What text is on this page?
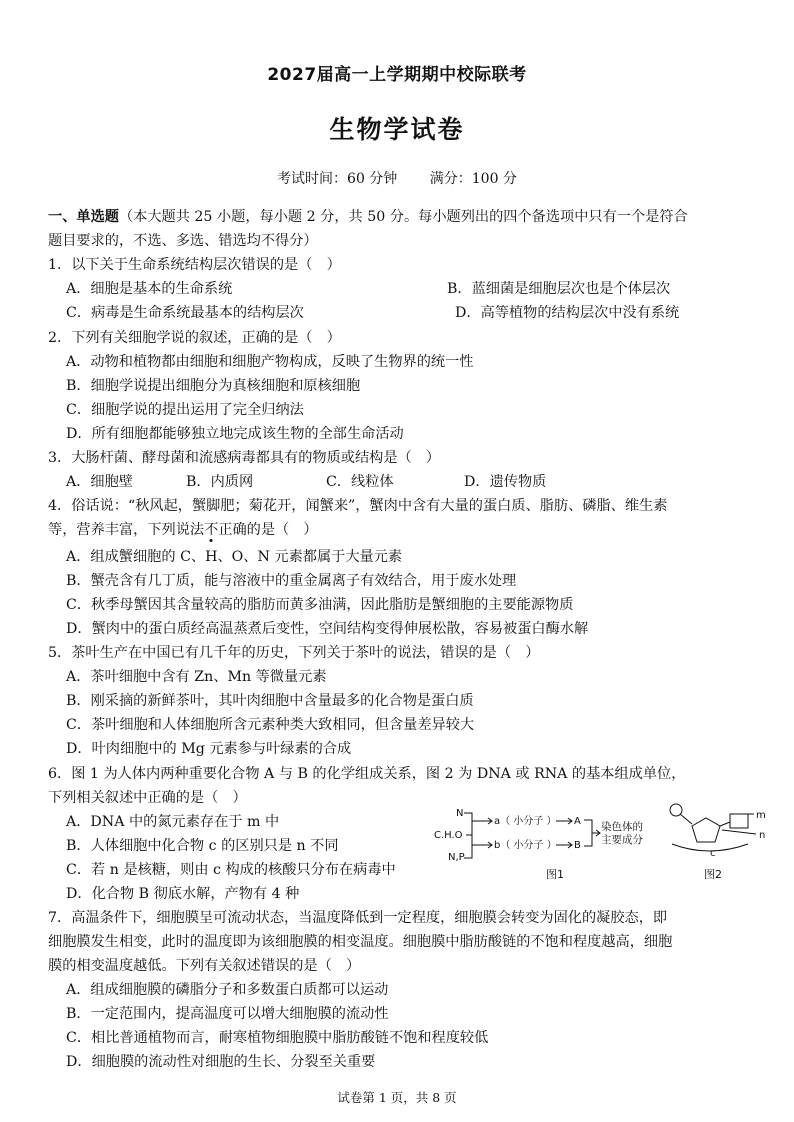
2027届高一上学期期中校际联考
生物学试卷
考试时间：60 分钟 满分：100 分
一、单选题（本大题共 25 小题，每小题 2 分，共 50 分。每小题列出的四个备选项中只有一个是符合
题目要求的，不选、多选、错选均不得分）
1．以下关于生命系统结构层次错误的是（　）
A．细胞是基本的生命系统	B．蓝细菌是细胞层次也是个体层次
C．病毒是生命系统最基本的结构层次	D．高等植物的结构层次中没有系统
2．下列有关细胞学说的叙述，正确的是（　）
A．动物和植物都由细胞和细胞产物构成，反映了生物界的统一性
B．细胞学说提出细胞分为真核细胞和原核细胞
C．细胞学说的提出运用了完全归纳法
D．所有细胞都能够独立地完成该生物的全部生命活动
3．大肠杆菌、酵母菌和流感病毒都具有的物质或结构是（　）
A．细胞壁	B．内质网	C．线粒体	D．遗传物质
4．俗话说：“秋风起，蟹脚肥；菊花开，闻蟹来”，蟹肉中含有大量的蛋白质、脂肪、磷脂、维生素
等，营养丰富，下列说法不正确的是（　）
A．组成蟹细胞的 C、H、O、N 元素都属于大量元素
B．蟹壳含有几丁质，能与溶液中的重金属离子有效结合，用于废水处理
C．秋季母蟹因其含量较高的脂肪而黄多油满，因此脂肪是蟹细胞的主要能源物质
D．蟹肉中的蛋白质经高温蒸煮后变性，空间结构变得伸展松散，容易被蛋白酶水解
5．茶叶生产在中国已有几千年的历史，下列关于茶叶的说法，错误的是（　）
A．茶叶细胞中含有 Zn、Mn 等微量元素
B．刚采摘的新鲜茶叶，其叶肉细胞中含量最多的化合物是蛋白质
C．茶叶细胞和人体细胞所含元素种类大致相同，但含量差异较大
D．叶肉细胞中的 Mg 元素参与叶绿素的合成
6．图 1 为人体内两种重要化合物 A 与 B 的化学组成关系，图 2 为 DNA 或 RNA 的基本组成单位，
下列相关叙述中正确的是（　）
A．DNA 中的氮元素存在于 m 中
B．人体细胞中化合物 c 的区别只是 n 不同
C．若 n 是核糖，则由 c 构成的核酸只分布在病毒中
D．化合物 B 彻底水解，产物有 4 种
N
C.H.O
N,P
a（ 小分子 ）
b（ 小分子 ）
A
B
染色体的
主要成分
图1	图2
m
n
c
7．高温条件下，细胞膜呈可流动状态，当温度降低到一定程度，细胞膜会转变为固化的凝胶态，即
细胞膜发生相变，此时的温度即为该细胞膜的相变温度。细胞膜中脂肪酸链的不饱和程度越高，细胞
膜的相变温度越低。下列有关叙述错误的是（　）
A．组成细胞膜的磷脂分子和多数蛋白质都可以运动
B．一定范围内，提高温度可以增大细胞膜的流动性
C．相比普通植物而言，耐寒植物细胞膜中脂肪酸链不饱和程度较低
D．细胞膜的流动性对细胞的生长、分裂至关重要
试卷第 1 页，共 8 页
